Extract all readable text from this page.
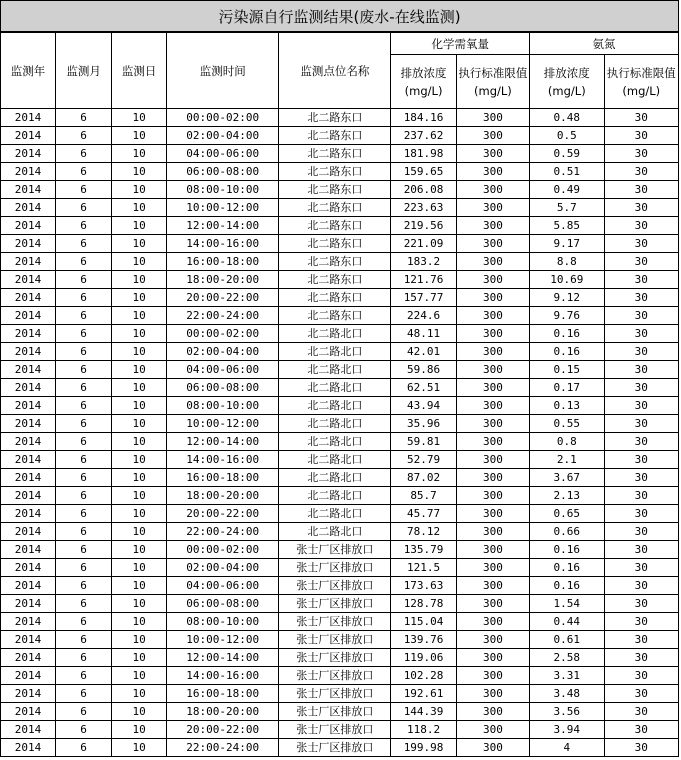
污染源自行监测结果(废水-在线监测)
监测年	监测月	监测日	监测时间	监测点位名称	化学需氧量		氨氮	
					排放浓度(mg/L)	执行标准限值(mg/L)	排放浓度(mg/L)	执行标准限值(mg/L)
2014	6	10	00:00-02:00	北二路东口	184.16	300	0.48	30
2014	6	10	02:00-04:00	北二路东口	237.62	300	0.5	30
2014	6	10	04:00-06:00	北二路东口	181.98	300	0.59	30
2014	6	10	06:00-08:00	北二路东口	159.65	300	0.51	30
2014	6	10	08:00-10:00	北二路东口	206.08	300	0.49	30
2014	6	10	10:00-12:00	北二路东口	223.63	300	5.7	30
2014	6	10	12:00-14:00	北二路东口	219.56	300	5.85	30
2014	6	10	14:00-16:00	北二路东口	221.09	300	9.17	30
2014	6	10	16:00-18:00	北二路东口	183.2	300	8.8	30
2014	6	10	18:00-20:00	北二路东口	121.76	300	10.69	30
2014	6	10	20:00-22:00	北二路东口	157.77	300	9.12	30
2014	6	10	22:00-24:00	北二路东口	224.6	300	9.76	30
2014	6	10	00:00-02:00	北二路北口	48.11	300	0.16	30
2014	6	10	02:00-04:00	北二路北口	42.01	300	0.16	30
2014	6	10	04:00-06:00	北二路北口	59.86	300	0.15	30
2014	6	10	06:00-08:00	北二路北口	62.51	300	0.17	30
2014	6	10	08:00-10:00	北二路北口	43.94	300	0.13	30
2014	6	10	10:00-12:00	北二路北口	35.96	300	0.55	30
2014	6	10	12:00-14:00	北二路北口	59.81	300	0.8	30
2014	6	10	14:00-16:00	北二路北口	52.79	300	2.1	30
2014	6	10	16:00-18:00	北二路北口	87.02	300	3.67	30
2014	6	10	18:00-20:00	北二路北口	85.7	300	2.13	30
2014	6	10	20:00-22:00	北二路北口	45.77	300	0.65	30
2014	6	10	22:00-24:00	北二路北口	78.12	300	0.66	30
2014	6	10	00:00-02:00	张士厂区排放口	135.79	300	0.16	30
2014	6	10	02:00-04:00	张士厂区排放口	121.5	300	0.16	30
2014	6	10	04:00-06:00	张士厂区排放口	173.63	300	0.16	30
2014	6	10	06:00-08:00	张士厂区排放口	128.78	300	1.54	30
2014	6	10	08:00-10:00	张士厂区排放口	115.04	300	0.44	30
2014	6	10	10:00-12:00	张士厂区排放口	139.76	300	0.61	30
2014	6	10	12:00-14:00	张士厂区排放口	119.06	300	2.58	30
2014	6	10	14:00-16:00	张士厂区排放口	102.28	300	3.31	30
2014	6	10	16:00-18:00	张士厂区排放口	192.61	300	3.48	30
2014	6	10	18:00-20:00	张士厂区排放口	144.39	300	3.56	30
2014	6	10	20:00-22:00	张士厂区排放口	118.2	300	3.94	30
2014	6	10	22:00-24:00	张士厂区排放口	199.98	300	4	30
